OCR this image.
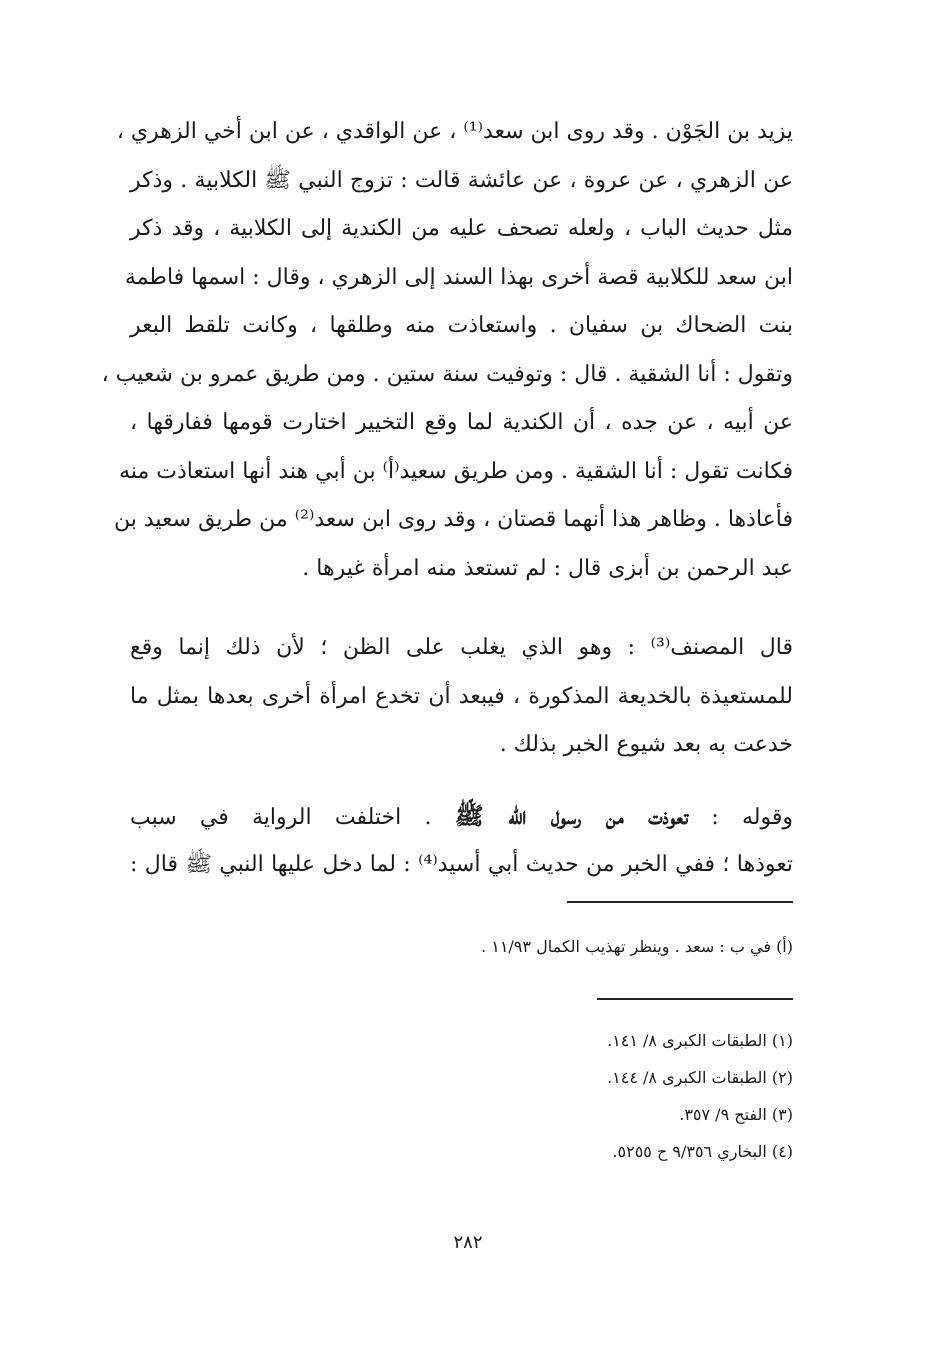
يزيد بن الجَوْن . وقد روى ابن سعد⁽¹⁾ ، عن الواقدي ، عن ابن أخي الزهري ،
عن الزهري ، عن عروة ، عن عائشة قالت : تزوج النبي ﷺ الكلابية . وذكر
مثل حديث الباب ، ولعله تصحف عليه من الكندية إلى الكلابية ، وقد ذكر
ابن سعد للكلابية قصة أخرى بهذا السند إلى الزهري ، وقال : اسمها فاطمة
بنت الضحاك بن سفيان . واستعاذت منه وطلقها ، وكانت تلقط البعر
وتقول : أنا الشقية . قال : وتوفيت سنة ستين . ومن طريق عمرو بن شعيب ،
عن أبيه ، عن جده ، أن الكندية لما وقع التخيير اختارت قومها ففارقها ،
فكانت تقول : أنا الشقية . ومن طريق سعيد⁽أ⁾ بن أبي هند أنها استعاذت منه
فأعاذها . وظاهر هذا أنهما قصتان ، وقد روى ابن سعد⁽²⁾ من طريق سعيد بن
عبد الرحمن بن أبزى قال : لم تستعذ منه امرأة غيرها .
قال المصنف⁽³⁾ : وهو الذي يغلب على الظن ؛ لأن ذلك إنما وقع
للمستعيذة بالخديعة المذكورة ، فيبعد أن تخدع امرأة أخرى بعدها بمثل ما
خدعت به بعد شيوع الخبر بذلك .
وقوله : تعوذت من رسول الله ﷺ . اختلفت الرواية في سبب
تعوذها ؛ ففي الخبر من حديث أبي أسيد⁽⁴⁾ : لما دخل عليها النبي ﷺ قال :
(أ) في ب : سعد . وينظر تهذيب الكمال ١١/٩٣ .
(١) الطبقات الكبرى ٨/ ١٤١.
(٢) الطبقات الكبرى ٨/ ١٤٤.
(٣) الفتح ٩/ ٣٥٧.
(٤) البخاري ٩/٣٥٦ ح ٥٢٥٥.
٢٨٢
